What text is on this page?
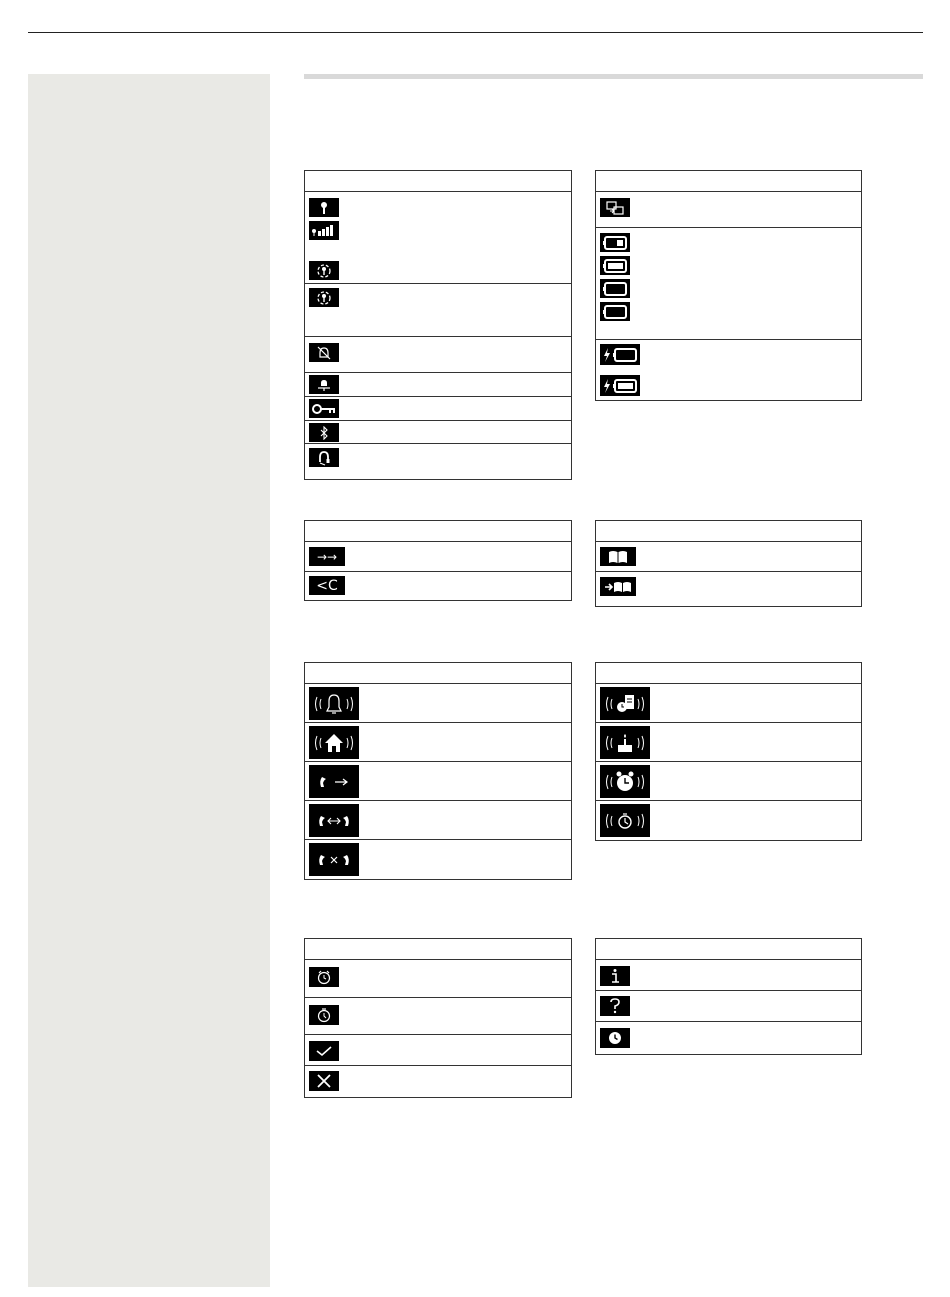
→→
<C
